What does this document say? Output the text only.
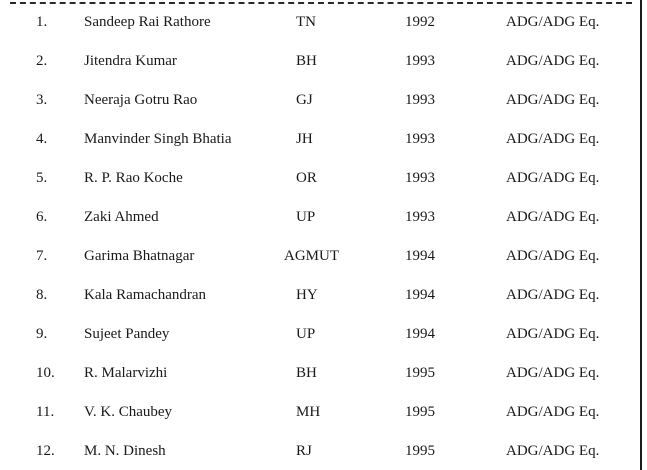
1. Sandeep Rai Rathore	TN	1992	ADG/ADG Eq.
2. Jitendra Kumar	BH	1993	ADG/ADG Eq.
3. Neeraja Gotru Rao	GJ	1993	ADG/ADG Eq.
4. Manvinder Singh Bhatia	JH	1993	ADG/ADG Eq.
5. R. P. Rao Koche	OR	1993	ADG/ADG Eq.
6. Zaki Ahmed	UP	1993	ADG/ADG Eq.
7. Garima Bhatnagar	AGMUT	1994	ADG/ADG Eq.
8. Kala Ramachandran	HY	1994	ADG/ADG Eq.
9. Sujeet Pandey	UP	1994	ADG/ADG Eq.
10. R. Malarvizhi	BH	1995	ADG/ADG Eq.
11. V. K. Chaubey	MH	1995	ADG/ADG Eq.
12. M. N. Dinesh	RJ	1995	ADG/ADG Eq.
